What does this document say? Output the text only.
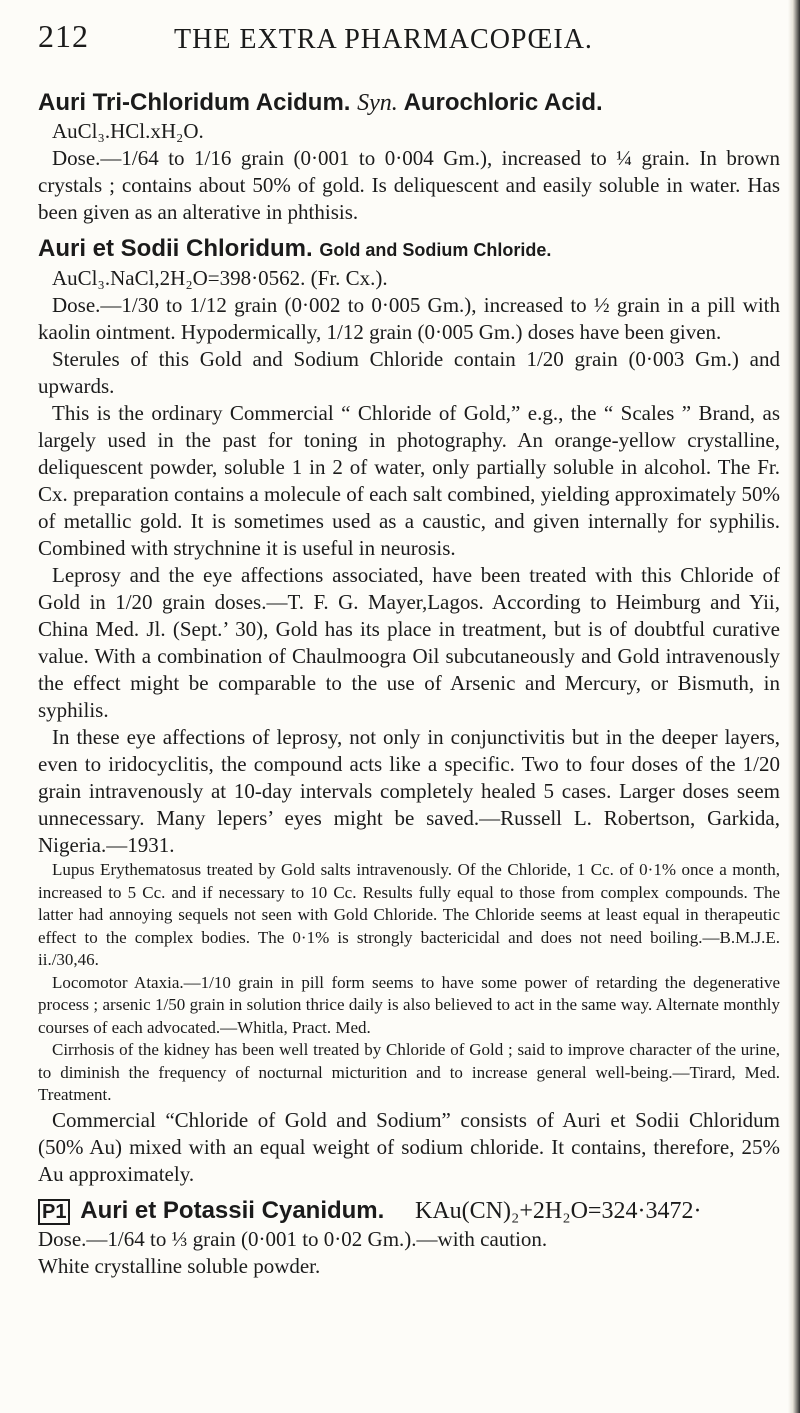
212	THE EXTRA PHARMACOPŒIA.
Auri Tri-Chloridum Acidum. Syn. Aurochloric Acid.
AuCl₃.HCl.xH₂O.

Dose.—1/64 to 1/16 grain (0·001 to 0·004 Gm.), increased to ¼ grain. In brown crystals ; contains about 50% of gold. Is deliquescent and easily soluble in water. Has been given as an alterative in phthisis.

Auri et Sodii Chloridum. Gold and Sodium Chloride.
AuCl₃.NaCl,2H₂O=398·0562. (Fr. Cx.).

Dose.—1/30 to 1/12 grain (0·002 to 0·005 Gm.), increased to ½ grain in a pill with kaolin ointment. Hypodermically, 1/12 grain (0·005 Gm.) doses have been given.

Sterules of this Gold and Sodium Chloride contain 1/20 grain (0·003 Gm.) and upwards.

This is the ordinary Commercial “ Chloride of Gold,” e.g., the “ Scales ” Brand, as largely used in the past for toning in photography. An orange-yellow crystalline, deliquescent powder, soluble 1 in 2 of water, only partially soluble in alcohol. The Fr. Cx. preparation contains a molecule of each salt combined, yielding approximately 50% of metallic gold. It is sometimes used as a caustic, and given internally for syphilis. Combined with strychnine it is useful in neurosis.

Leprosy and the eye affections associated, have been treated with this Chloride of Gold in 1/20 grain doses.—T. F. G. Mayer,Lagos. According to Heimburg and Yii, China Med. Jl. (Sept.’ 30), Gold has its place in treatment, but is of doubtful curative value. With a combination of Chaulmoogra Oil subcutaneously and Gold intravenously the effect might be comparable to the use of Arsenic and Mercury, or Bismuth, in syphilis.

In these eye affections of leprosy, not only in conjunctivitis but in the deeper layers, even to iridocyclitis, the compound acts like a specific. Two to four doses of the 1/20 grain intravenously at 10-day intervals completely healed 5 cases. Larger doses seem unnecessary. Many lepers’ eyes might be saved.—Russell L. Robertson, Garkida, Nigeria.—1931.

Lupus Erythematosus treated by Gold salts intravenously. Of the Chloride, 1 Cc. of 0·1% once a month, increased to 5 Cc. and if necessary to 10 Cc. Results fully equal to those from complex compounds. The latter had annoying sequels not seen with Gold Chloride. The Chloride seems at least equal in therapeutic effect to the complex bodies. The 0·1% is strongly bactericidal and does not need boiling.—B.M.J.E. ii./30,46.

Locomotor Ataxia.—1/10 grain in pill form seems to have some power of retarding the degenerative process ; arsenic 1/50 grain in solution thrice daily is also believed to act in the same way. Alternate monthly courses of each advocated.—Whitla, Pract. Med.

Cirrhosis of the kidney has been well treated by Chloride of Gold ; said to improve character of the urine, to diminish the frequency of nocturnal micturition and to increase general well-being.—Tirard, Med. Treatment.

Commercial “Chloride of Gold and Sodium” consists of Auri et Sodii Chloridum (50% Au) mixed with an equal weight of sodium chloride. It contains, therefore, 25% Au approximately.

P1 Auri et Potassii Cyanidum. KAu(CN)₂+2H₂O=324·3472·

Dose.—1/64 to ⅓ grain (0·001 to 0·02 Gm.).—with caution.

White crystalline soluble powder.
